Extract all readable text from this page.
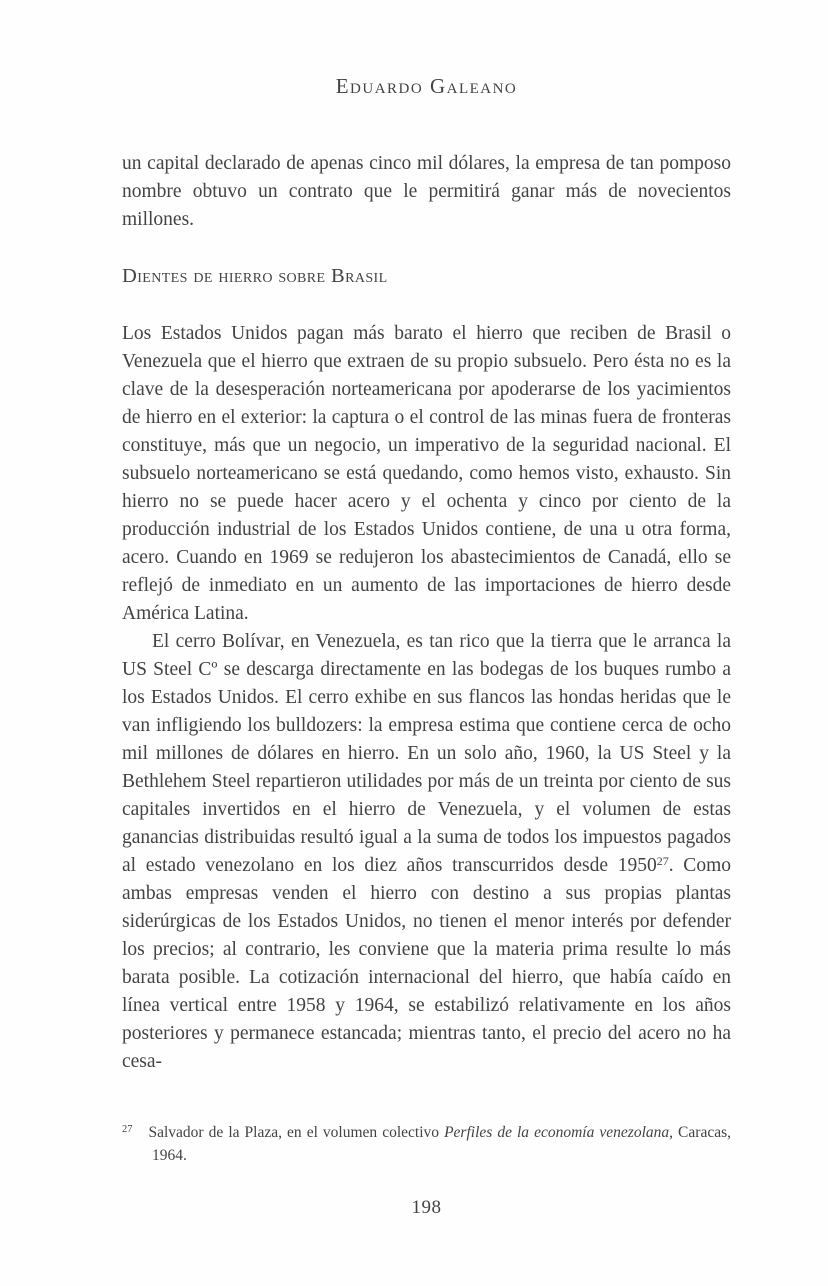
Eduardo Galeano

un capital declarado de apenas cinco mil dólares, la empresa de tan pomposo nombre obtuvo un contrato que le permitirá ganar más de novecientos millones.

Dientes de hierro sobre Brasil

Los Estados Unidos pagan más barato el hierro que reciben de Brasil o Venezuela que el hierro que extraen de su propio subsuelo. Pero ésta no es la clave de la desesperación norteamericana por apoderarse de los yacimientos de hierro en el exterior: la captura o el control de las minas fuera de fronteras constituye, más que un negocio, un imperativo de la seguridad nacional. El subsuelo norteamericano se está quedando, como hemos visto, exhausto. Sin hierro no se puede hacer acero y el ochenta y cinco por ciento de la producción industrial de los Estados Unidos contiene, de una u otra forma, acero. Cuando en 1969 se redujeron los abastecimientos de Canadá, ello se reflejó de inmediato en un aumento de las importaciones de hierro desde América Latina.

El cerro Bolívar, en Venezuela, es tan rico que la tierra que le arranca la US Steel Cº se descarga directamente en las bodegas de los buques rumbo a los Estados Unidos. El cerro exhibe en sus flancos las hondas heridas que le van infligiendo los bulldozers: la empresa estima que contiene cerca de ocho mil millones de dólares en hierro. En un solo año, 1960, la US Steel y la Bethlehem Steel repartieron utilidades por más de un treinta por ciento de sus capitales invertidos en el hierro de Venezuela, y el volumen de estas ganancias distribuidas resultó igual a la suma de todos los impuestos pagados al estado venezolano en los diez años transcurridos desde 1950$^{27}$. Como ambas empresas venden el hierro con destino a sus propias plantas siderúrgicas de los Estados Unidos, no tienen el menor interés por defender los precios; al contrario, les conviene que la materia prima resulte lo más barata posible. La cotización internacional del hierro, que había caído en línea vertical entre 1958 y 1964, se estabilizó relativamente en los años posteriores y permanece estancada; mientras tanto, el precio del acero no ha cesa-

$^{27}$ Salvador de la Plaza, en el volumen colectivo Perfiles de la economía venezolana, Caracas, 1964.
198
